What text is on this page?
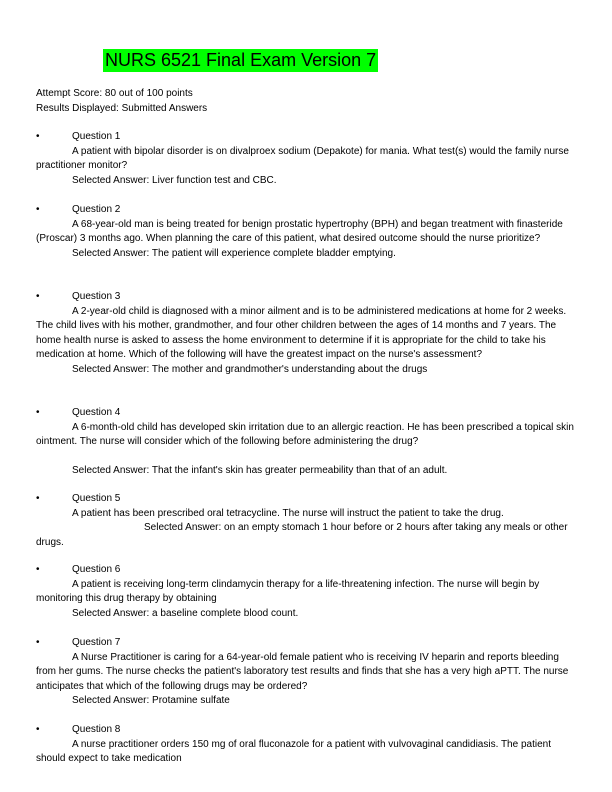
NURS 6521 Final Exam Version 7
Attempt Score: 80 out of 100 points
Results Displayed: Submitted Answers
•	Question 1
A patient with bipolar disorder is on divalproex sodium (Depakote) for mania. What test(s) would the family nurse practitioner monitor?
Selected Answer: Liver function test and CBC.
•	Question 2
A 68-year-old man is being treated for benign prostatic hypertrophy (BPH) and began treatment with finasteride (Proscar) 3 months ago. When planning the care of this patient, what desired outcome should the nurse prioritize?
Selected Answer: The patient will experience complete bladder emptying.
•	Question 3
A 2-year-old child is diagnosed with a minor ailment and is to be administered medications at home for 2 weeks. The child lives with his mother, grandmother, and four other children between the ages of 14 months and 7 years. The home health nurse is asked to assess the home environment to determine if it is appropriate for the child to take his medication at home. Which of the following will have the greatest impact on the nurse's assessment?
Selected Answer: The mother and grandmother's understanding about the drugs
•	Question 4
A 6-month-old child has developed skin irritation due to an allergic reaction. He has been prescribed a topical skin ointment. The nurse will consider which of the following before administering the drug?
Selected Answer: That the infant's skin has greater permeability than that of an adult.
•	Question 5
A patient has been prescribed oral tetracycline. The nurse will instruct the patient to take the drug.
Selected Answer: on an empty stomach 1 hour before or 2 hours after taking any meals or other drugs.
•	Question 6
A patient is receiving long-term clindamycin therapy for a life-threatening infection. The nurse will begin by monitoring this drug therapy by obtaining
Selected Answer: a baseline complete blood count.
•	Question 7
A Nurse Practitioner is caring for a 64-year-old female patient who is receiving IV heparin and reports bleeding from her gums. The nurse checks the patient's laboratory test results and finds that she has a very high aPTT. The nurse anticipates that which of the following drugs may be ordered?
Selected Answer: Protamine sulfate
•	Question 8
A nurse practitioner orders 150 mg of oral fluconazole for a patient with vulvovaginal candidiasis. The patient should expect to take medication
